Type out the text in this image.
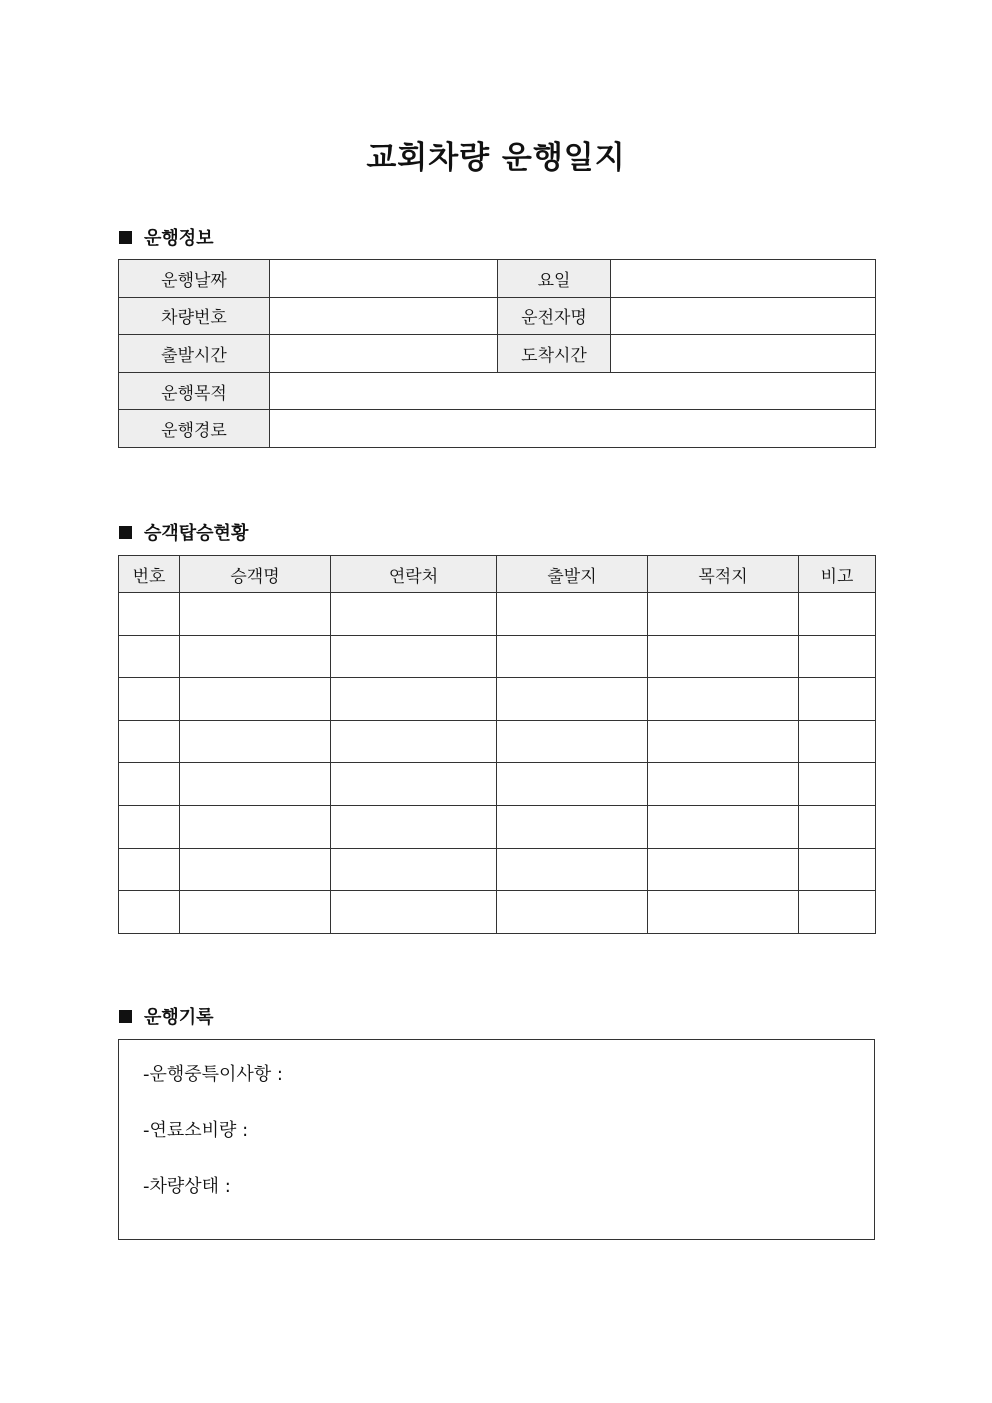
교회차량 운행일지
운행정보
운행날짜		요일	
차량번호		운전자명	
출발시간		도착시간	
운행목적			
운행경로			
승객탑승현황
번호	승객명	연락처	출발지	목적지	비고

운행기록
-운행중특이사항 :
-연료소비량 :
-차량상태 :
